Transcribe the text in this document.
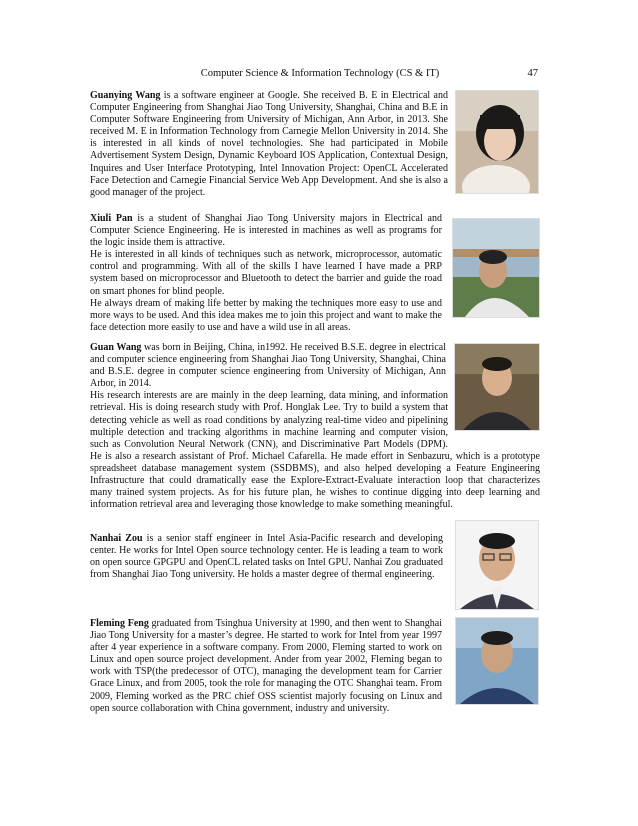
Computer Science & Information Technology (CS & IT)	47

Guanying Wang is a software engineer at Google. She received B. E in Electrical and Computer Engineering from Shanghai Jiao Tong University, Shanghai, China and B.E in Computer Software Engineering from University of Michigan, Ann Arbor, in 2013. She received M. E in Information Technology from Carnegie Mellon University in 2014. She is interested in all kinds of novel technologies. She had participated in Mobile Advertisement System Design, Dynamic Keyboard IOS Application, Contextual Design, Inquires and User Interface Prototyping, Intel Innovation Project: OpenCL Accelerated Face Detection and Carnegie Financial Service Web App Development. And she is also a good manager of the project.

Xiuli Pan is a student of Shanghai Jiao Tong University majors in Electrical and Computer Science Engineering. He is interested in machines as well as programs for the logic inside them is attractive.

He is interested in all kinds of techniques such as network, microprocessor, automatic control and programming. With all of the skills I have learned I have made a PRP system based on microprocessor and Bluetooth to detect the barrier and guide the road on smart phones for blind people.

He always dream of making life better by making the techniques more easy to use and more ways to be used. And this idea makes me to join this project and want to make the face detection more easily to use and have a wild use in all areas.

Guan Wang was born in Beijing, China, in1992. He received B.S.E. degree in electrical and computer science engineering from Shanghai Jiao Tong University, Shanghai, China and B.S.E. degree in computer science engineering from University of Michigan, Ann Arbor, in 2014.

His research interests are are mainly in the deep learning, data mining, and information retrieval. His is doing research study with Prof. Honglak Lee. Try to build a system that detecting vehicle as well as road conditions by analyzing real-time video and pipelining multiple detection and tracking algorithms in machine learning and computer vision, such as Convolution Neural Network (CNN), and Discriminative Part Models (DPM). He is also a research assistant of Prof. Michael Cafarella. He made effort in Senbazuru, which is a prototype spreadsheet database management system (SSDBMS), and also helped developing a Feature Engineering Infrastructure that could dramatically ease the Explore-Extract-Evaluate interaction loop that characterizes many trained system projects. As for his future plan, he wishes to continue digging into deep learning and information retrieval area and leveraging those knowledge to make something meaningful.

Nanhai Zou is a senior staff engineer in Intel Asia-Pacific research and developing center. He works for Intel Open source technology center. He is leading a team to work on open source GPGPU and OpenCL related tasks on Intel GPU. Nanhai Zou graduated from Shanghai Jiao Tong university. He holds a master degree of thermal engineering.

Fleming Feng graduated from Tsinghua University at 1990, and then went to Shanghai Jiao Tong University for a master’s degree. He started to work for Intel from year 1997 after 4 year experience in a software company. From 2000, Fleming started to work on Linux and open source project development. Ander from year 2002, Fleming began to work with TSP(the predecessor of OTC), managing the development team for Carrier Grace Linux, and from 2005, took the role for managing the OTC Shanghai team. From 2009, Fleming worked as the PRC chief OSS scientist majorly focusing on Linux and open source collaboration with China government, industry and university.
